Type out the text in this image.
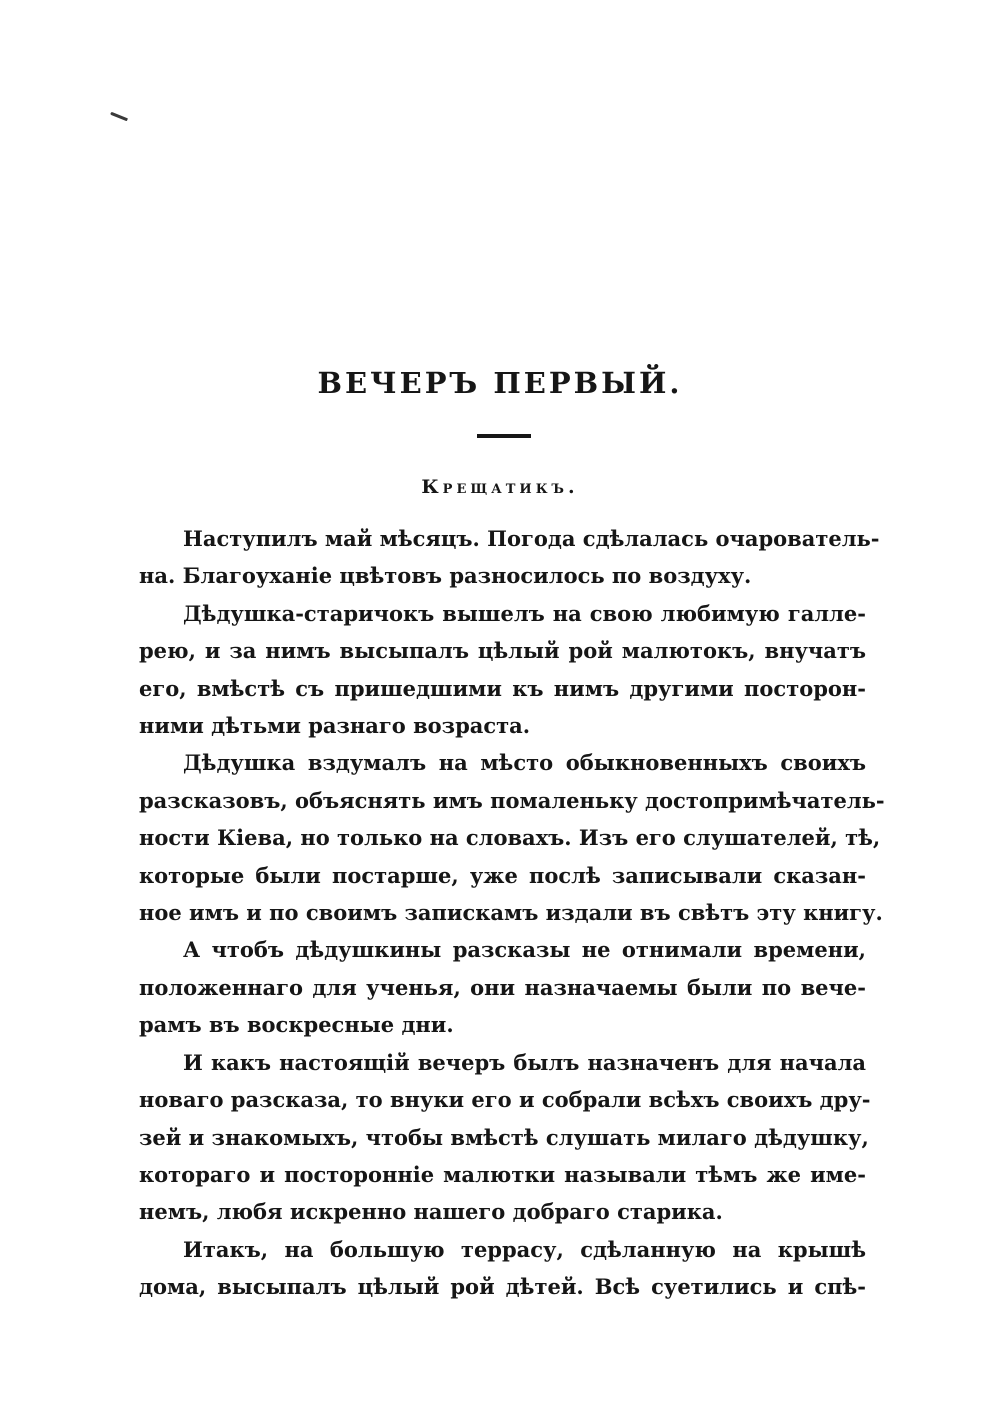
ВЕЧЕРЪ ПЕРВЫЙ.
Крещатикъ.
Наступилъ май мѣсяцъ. Погода сдѣлалась очарователь-
на. Благоуханіе цвѣтовъ разносилось по воздуху.
Дѣдушка-старичокъ вышелъ на свою любимую галле-
рею, и за нимъ высыпалъ цѣлый рой малютокъ, внучатъ
его, вмѣстѣ съ пришедшими къ нимъ другими посторон-
ними дѣтьми разнаго возраста.
Дѣдушка вздумалъ на мѣсто обыкновенныхъ своихъ
разсказовъ, объяснять имъ помаленьку достопримѣчатель-
ности Кіева, но только на словахъ. Изъ его слушателей, тѣ,
которые были постарше, уже послѣ записывали сказан-
ное имъ и по своимъ запискамъ издали въ свѣтъ эту книгу.
А чтобъ дѣдушкины разсказы не отнимали времени,
положеннаго для ученья, они назначаемы были по вече-
рамъ въ воскресные дни.
И какъ настоящій вечеръ былъ назначенъ для начала
новаго разсказа, то внуки его и собрали всѣхъ своихъ дру-
зей и знакомыхъ, чтобы вмѣстѣ слушать милаго дѣдушку,
котораго и посторонніе малютки называли тѣмъ же име-
немъ, любя искренно нашего добраго старика.
Итакъ, на большую террасу, сдѣланную на крышѣ
дома, высыпалъ цѣлый рой дѣтей. Всѣ суетились и спѣ-
